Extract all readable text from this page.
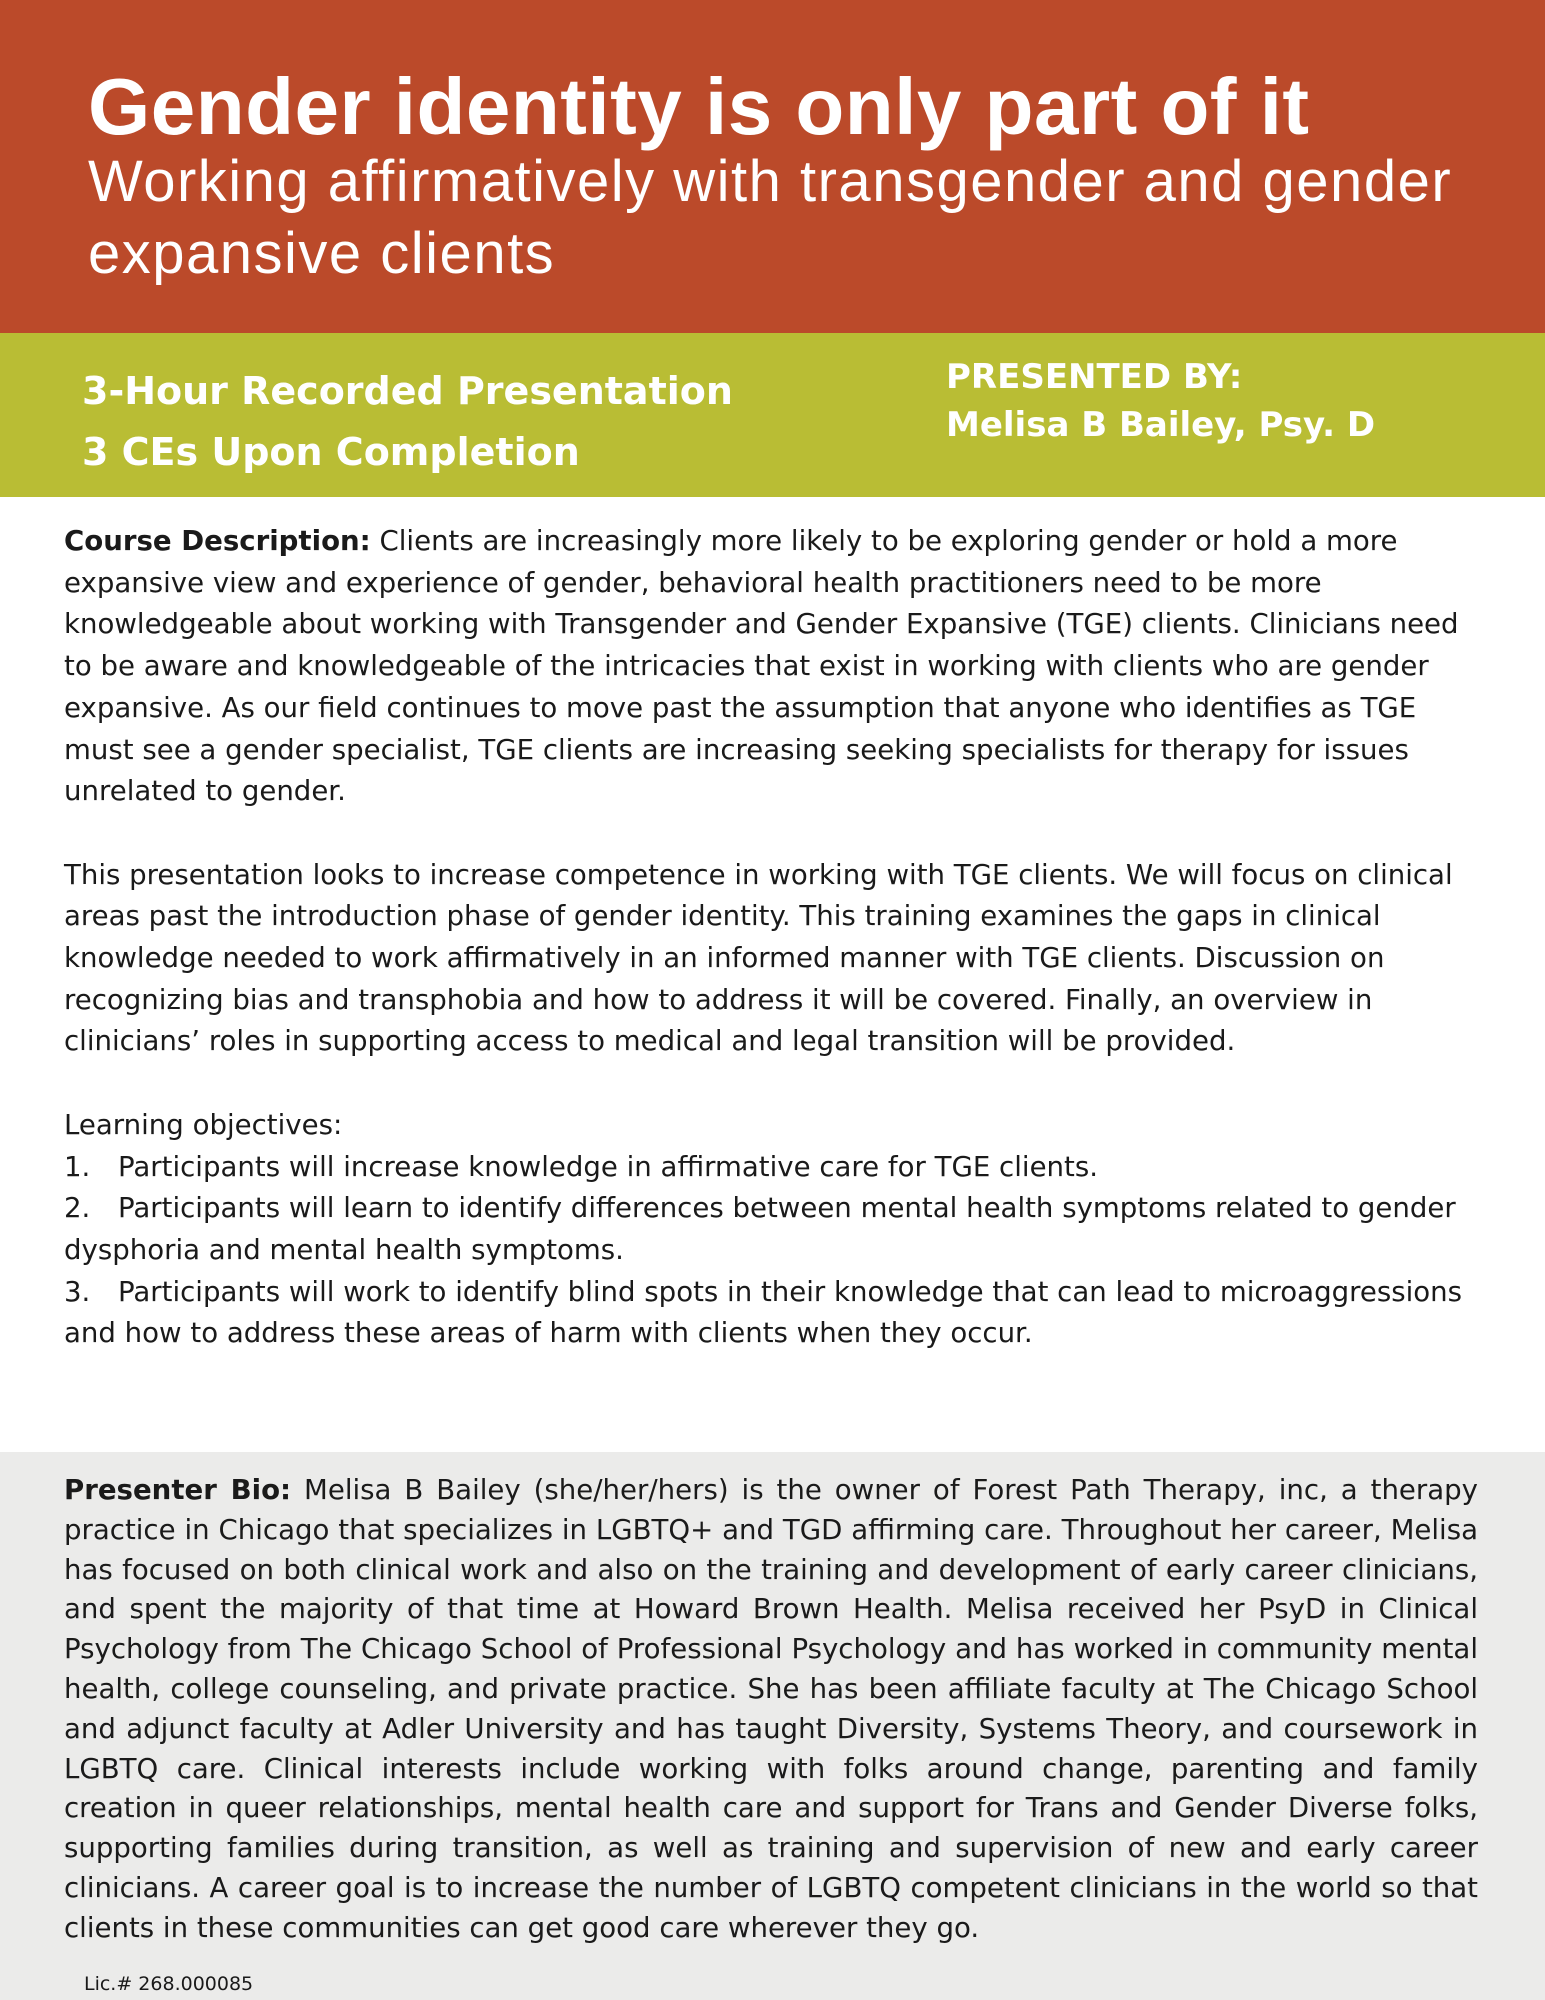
Gender identity is only part of it
Working affirmatively with transgender and gender expansive clients
3-Hour Recorded Presentation
3 CEs Upon Completion
PRESENTED BY:
Melisa B Bailey, Psy. D

Course Description: Clients are increasingly more likely to be exploring gender or hold a more expansive view and experience of gender, behavioral health practitioners need to be more knowledgeable about working with Transgender and Gender Expansive (TGE) clients. Clinicians need to be aware and knowledgeable of the intricacies that exist in working with clients who are gender expansive. As our field continues to move past the assumption that anyone who identifies as TGE must see a gender specialist, TGE clients are increasing seeking specialists for therapy for issues unrelated to gender.

This presentation looks to increase competence in working with TGE clients. We will focus on clinical areas past the introduction phase of gender identity. This training examines the gaps in clinical knowledge needed to work affirmatively in an informed manner with TGE clients. Discussion on recognizing bias and transphobia and how to address it will be covered. Finally, an overview in clinicians’ roles in supporting access to medical and legal transition will be provided.

Learning objectives:

1. Participants will increase knowledge in affirmative care for TGE clients.
2. Participants will learn to identify differences between mental health symptoms related to gender dysphoria and mental health symptoms.
3. Participants will work to identify blind spots in their knowledge that can lead to microaggressions and how to address these areas of harm with clients when they occur.

Presenter Bio: Melisa B Bailey (she/her/hers) is the owner of Forest Path Therapy, inc, a therapy practice in Chicago that specializes in LGBTQ+ and TGD affirming care. Throughout her career, Melisa has focused on both clinical work and also on the training and development of early career clinicians, and spent the majority of that time at Howard Brown Health. Melisa received her PsyD in Clinical Psychology from The Chicago School of Professional Psychology and has worked in community mental health, college counseling, and private practice. She has been affiliate faculty at The Chicago School and adjunct faculty at Adler University and has taught Diversity, Systems Theory, and coursework in LGBTQ care. Clinical interests include working with folks around change, parenting and family creation in queer relationships, mental health care and support for Trans and Gender Diverse folks, supporting families during transition, as well as training and supervision of new and early career clinicians. A career goal is to increase the number of LGBTQ competent clinicians in the world so that clients in these communities can get good care wherever they go.

Lic.# 268.000085
